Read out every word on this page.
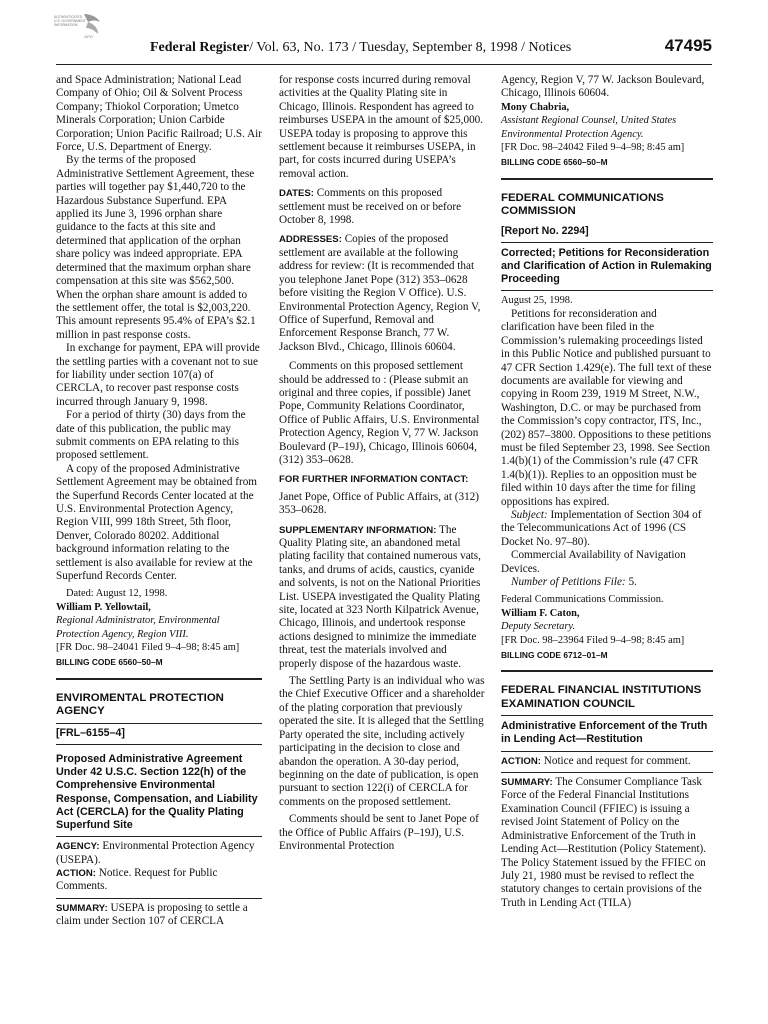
AUTHENTICATED
U.S. GOVERNMENT
INFORMATION
GPO
Federal Register/ Vol. 63, No. 173 / Tuesday, September 8, 1998 / Notices	47495

and Space Administration; National Lead Company of Ohio; Oil & Solvent Process Company; Thiokol Corporation; Umetco Minerals Corporation; Union Carbide Corporation; Union Pacific Railroad; U.S. Air Force, U.S. Department of Energy.

By the terms of the proposed Administrative Settlement Agreement, these parties will together pay $1,440,720 to the Hazardous Substance Superfund. EPA applied its June 3, 1996 orphan share guidance to the facts at this site and determined that application of the orphan share policy was indeed appropriate. EPA determined that the maximum orphan share compensation at this site was $562,500. When the orphan share amount is added to the settlement offer, the total is $2,003,220. This amount represents 95.4% of EPA’s $2.1 million in past response costs.

In exchange for payment, EPA will provide the settling parties with a covenant not to sue for liability under section 107(a) of CERCLA, to recover past response costs incurred through January 9, 1998.

For a period of thirty (30) days from the date of this publication, the public may submit comments on EPA relating to this proposed settlement.

A copy of the proposed Administrative Settlement Agreement may be obtained from the Superfund Records Center located at the U.S. Environmental Protection Agency, Region VIII, 999 18th Street, 5th floor, Denver, Colorado 80202. Additional background information relating to the settlement is also available for review at the Superfund Records Center.

Dated: August 12, 1998.

William P. Yellowtail,

Regional Administrator, Environmental Protection Agency, Region VIII.

[FR Doc. 98–24041 Filed 9–4–98; 8:45 am]

BILLING CODE 6560–50–M

ENVIROMENTAL PROTECTION AGENCY

[FRL–6155–4]

Proposed Administrative Agreement Under 42 U.S.C. Section 122(h) of the Comprehensive Environmental Response, Compensation, and Liability Act (CERCLA) for the Quality Plating Superfund Site

AGENCY: Environmental Protection Agency (USEPA).

ACTION: Notice. Request for Public Comments.

SUMMARY: USEPA is proposing to settle a claim under Section 107 of CERCLA

for response costs incurred during removal activities at the Quality Plating site in Chicago, Illinois. Respondent has agreed to reimburses USEPA in the amount of $25,000. USEPA today is proposing to approve this settlement because it reimburses USEPA, in part, for costs incurred during USEPA’s removal action.

DATES: Comments on this proposed settlement must be received on or before October 8, 1998.

ADDRESSES: Copies of the proposed settlement are available at the following address for review: (It is recommended that you telephone Janet Pope (312) 353–0628 before visiting the Region V Office). U.S. Environmental Protection Agency, Region V, Office of Superfund, Removal and Enforcement Response Branch, 77 W. Jackson Blvd., Chicago, Illinois 60604.

Comments on this proposed settlement should be addressed to : (Please submit an original and three copies, if possible) Janet Pope, Community Relations Coordinator, Office of Public Affairs, U.S. Environmental Protection Agency, Region V, 77 W. Jackson Boulevard (P–19J), Chicago, Illinois 60604, (312) 353–0628.

FOR FURTHER INFORMATION CONTACT:

Janet Pope, Office of Public Affairs, at (312) 353–0628.

SUPPLEMENTARY INFORMATION: The Quality Plating site, an abandoned metal plating facility that contained numerous vats, tanks, and drums of acids, caustics, cyanide and solvents, is not on the National Priorities List. USEPA investigated the Quality Plating site, located at 323 North Kilpatrick Avenue, Chicago, Illinois, and undertook response actions designed to minimize the immediate threat, test the materials involved and properly dispose of the hazardous waste.

The Settling Party is an individual who was the Chief Executive Officer and a shareholder of the plating corporation that previously operated the site. It is alleged that the Settling Party operated the site, including actively participating in the decision to close and abandon the operation. A 30-day period, beginning on the date of publication, is open pursuant to section 122(i) of CERCLA for comments on the proposed settlement.

Comments should be sent to Janet Pope of the Office of Public Affairs (P–19J), U.S. Environmental Protection

Agency, Region V, 77 W. Jackson Boulevard, Chicago, Illinois 60604.

Mony Chabria,

Assistant Regional Counsel, United States Environmental Protection Agency.

[FR Doc. 98–24042 Filed 9–4–98; 8:45 am]

BILLING CODE 6560–50–M

FEDERAL COMMUNICATIONS COMMISSION

[Report No. 2294]

Corrected; Petitions for Reconsideration and Clarification of Action in Rulemaking Proceeding

August 25, 1998.

Petitions for reconsideration and clarification have been filed in the Commission’s rulemaking proceedings listed in this Public Notice and published pursuant to 47 CFR Section 1.429(e). The full text of these documents are available for viewing and copying in Room 239, 1919 M Street, N.W., Washington, D.C. or may be purchased from the Commission’s copy contractor, ITS, Inc., (202) 857–3800. Oppositions to these petitions must be filed September 23, 1998. See Section 1.4(b)(1) of the Commission’s rule (47 CFR 1.4(b)(1)). Replies to an opposition must be filed within 10 days after the time for filing oppositions has expired.

Subject: Implementation of Section 304 of the Telecommunications Act of 1996 (CS Docket No. 97–80).

Commercial Availability of Navigation Devices.

Number of Petitions File: 5.

Federal Communications Commission.

William F. Caton,

Deputy Secretary.

[FR Doc. 98–23964 Filed 9–4–98; 8:45 am]

BILLING CODE 6712–01–M

FEDERAL FINANCIAL INSTITUTIONS EXAMINATION COUNCIL

Administrative Enforcement of the Truth in Lending Act—Restitution

ACTION: Notice and request for comment.

SUMMARY: The Consumer Compliance Task Force of the Federal Financial Institutions Examination Council (FFIEC) is issuing a revised Joint Statement of Policy on the Administrative Enforcement of the Truth in Lending Act—Restitution (Policy Statement). The Policy Statement issued by the FFIEC on July 21, 1980 must be revised to reflect the statutory changes to certain provisions of the Truth in Lending Act (TILA)
